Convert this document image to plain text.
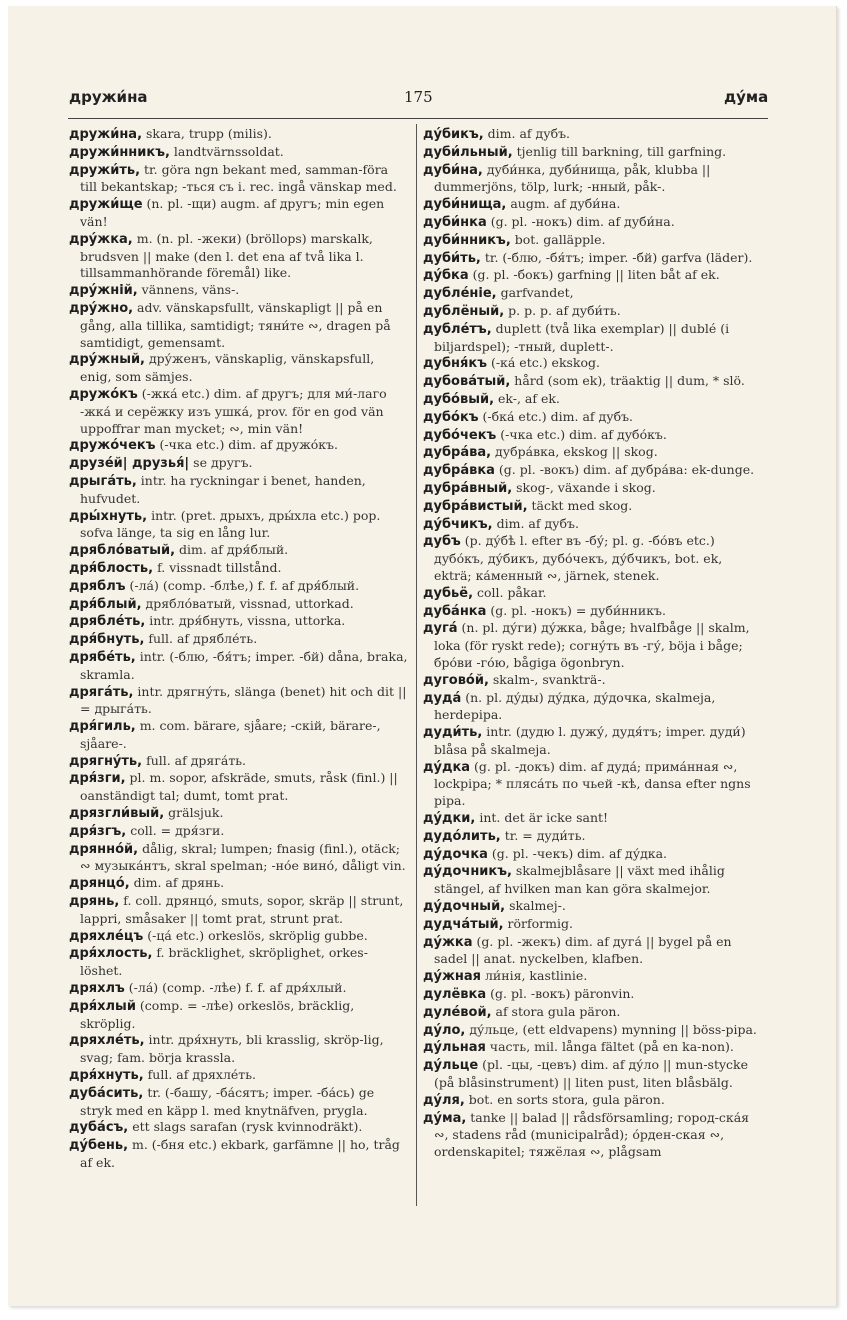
дружи́на	175	ду́ма
дружи́на, skara, trupp (milis).
дружи́нникъ, landtvärnssoldat.
дружи́ть, tr. göra ngn bekant med, samman-föra till bekantskap; -ться съ i. rec. ingå vänskap med.
дружи́ще (n. pl. -щи) augm. af другъ; min egen vän!
дру́жка, m. (n. pl. -жеки) (bröllops) marskalk, brudsven || make (den l. det ena af två lika l. tillsammanhörande föremål) like.
дру́жній, vännens, väns-.
дру́жно, adv. vänskapsfullt, vänskapligt || på en gång, alla tillika, samtidigt; тяни́те ∾, dragen på samtidigt, gemensamt.
дру́жный, дру́женъ, vänskaplig, vänskapsfull, enig, som sämjes.
дружо́къ (-жка́ etc.) dim. af другъ; для ми́-лаго -жка́ и серёжку изъ ушка́, prov. för en god vän uppoffrar man mycket; ∾, min vän!
дружо́чекъ (-чка etc.) dim. af дружо́къ.
друзе́й| друзья́| se другъ.
дрыга́ть, intr. ha ryckningar i benet, handen, hufvudet.
дры́хнуть, intr. (pret. дрыхъ, дры́хла etc.) pop. sofva länge, ta sig en lång lur.
дрябло́ватый, dim. af дря́блый.
дря́блость, f. vissnadt tillstånd.
дряблъ (-ла́) (comp. -блѣе,) f. f. af дря́блый.
дря́блый, дрябло́ватый, vissnad, uttorkad.
дрябле́ть, intr. дря́бнуть, vissna, uttorka.
дря́бнуть, full. af дрябле́ть.
дрябе́ть, intr. (-блю, -бя́тъ; imper. -бй) dåna, braka, skramla.
дряга́ть, intr. дрягну́ть, slänga (benet) hit och dit || = дрыга́ть.
дря́гиль, m. com. bärare, sjåare; -скій, bärare-, sjåare-.
дрягну́ть, full. af дряга́ть.
дря́зги, pl. m. sopor, afskräde, smuts, råsk (finl.) || oanständigt tal; dumt, tomt prat.
дрязгли́вый, grälsjuk.
дря́згъ, coll. = дря́зги.
дрянно́й, dålig, skral; lumpen; fnasig (finl.), otäck; ∾ музыка́нтъ, skral spelman; -но́е вино́, dåligt vin.
дрянцо́, dim. af дрянь.
дрянь, f. coll. дрянцо́, smuts, sopor, skräp || strunt, lappri, småsaker || tomt prat, strunt prat.
дряхле́цъ (-ца́ etc.) orkeslös, skröplig gubbe.
дря́хлость, f. bräcklighet, skröplighet, orkes-löshet.
дряхлъ (-ла́) (comp. -лѣе) f. f. af дря́хлый.
дря́хлый (comp. = -лѣе) orkeslös, bräcklig, skröplig.
дряхле́ть, intr. дря́хнуть, bli krasslig, skröp-lig, svag; fam. börja krassla.
дря́хнуть, full. af дряхле́ть.
дуба́сить, tr. (-башу, -ба́сятъ; imper. -ба́сь) ge stryk med en käpp l. med knytnäfven, prygla.
дуба́съ, ett slags sarafan (rysk kvinnodräkt).
ду́бень, m. (-бня etc.) ekbark, garfämne || ho, tråg af ek.
ду́бикъ, dim. af дубъ.
дуби́льный, tjenlig till barkning, till garfning.
дуби́на, дуби́нка, дуби́нища, påk, klubba || dummerjöns, tölp, lurk; -нный, påk-.
дуби́нища, augm. af дуби́на.
дуби́нка (g. pl. -нокъ) dim. af дуби́на.
дуби́нникъ, bot. galläpple.
дуби́ть, tr. (-блю, -бя́тъ; imper. -бй) garfva (läder).
ду́бка (g. pl. -бокъ) garfning || liten båt af ek.
дубле́ніе, garfvandet,
дублёный, p. p. p. af дуби́ть.
дубле́тъ, duplett (två lika exemplar) || dublé (i biljardspel); -тный, duplett-.
дубня́къ (-ка́ etc.) ekskog.
дубова́тый, hård (som ek), träaktig || dum, * slö.
дубо́вый, ek-, af ek.
дубо́къ (-бка́ etc.) dim. af дубъ.
дубо́чекъ (-чка etc.) dim. af дубо́къ.
дубра́ва, дубра́вка, ekskog || skog.
дубра́вка (g. pl. -вокъ) dim. af дубра́ва: ek-dunge.
дубра́вный, skog-, växande i skog.
дубра́вистый, täckt med skog.
ду́бчикъ, dim. af дубъ.
дубъ (p. ду́бѣ l. efter въ -бу́; pl. g. -бо́въ etc.) дубо́къ, ду́бикъ, дубо́чекъ, ду́бчикъ, bot. ek, ekträ; ка́менный ∾, järnek, stenek.
дубьё, coll. påkar.
дуба́нка (g. pl. -нокъ) = дуби́нникъ.
дуга́ (n. pl. ду́ги) ду́жка, båge; hvalfbåge || skalm, loka (för ryskt rede); согну́ть въ -гу́, böja i båge; бро́ви -го́ю, bågiga ögonbryn.
дугово́й, skalm-, svankträ-.
дуда́ (n. pl. ду́ды) ду́дка, ду́дочка, skalmeja, herdepipa.
дуди́ть, intr. (дудю l. дужу́, дудя́тъ; imper. дуди́) blåsa på skalmeja.
ду́дка (g. pl. -докъ) dim. af дуда́; прима́нная ∾, lockpipa; * пляса́ть по чьей -кѣ, dansa efter ngns pipa.
ду́дки, int. det är icke sant!
дудо́лить, tr. = дуди́ть.
ду́дочка (g. pl. -чекъ) dim. af ду́дка.
ду́дочникъ, skalmejblåsare || växt med ihålig stängel, af hvilken man kan göra skalmejor.
ду́дочный, skalmej-.
дудча́тый, rörformig.
ду́жка (g. pl. -жекъ) dim. af дуга́ || bygel på en sadel || anat. nyckelben, klafben.
ду́жная ли́нія, kastlinie.
дулёвка (g. pl. -вокъ) päronvin.
дуле́вой, af stora gula päron.
ду́ло, ду́льце, (ett eldvapens) mynning || böss-pipa.
ду́льная часть, mil. långa fältet (på en ka-non).
ду́льце (pl. -цы, -цевъ) dim. af ду́ло || mun-stycke (på blåsinstrument) || liten pust, liten blåsbälg.
ду́ля, bot. en sorts stora, gula päron.
ду́ма, tanke || balad || rådsförsamling; город-ска́я ∾, stadens råd (municipalråd); о́рден-ская ∾, ordenskapitel; тяжёлая ∾, plågsam
